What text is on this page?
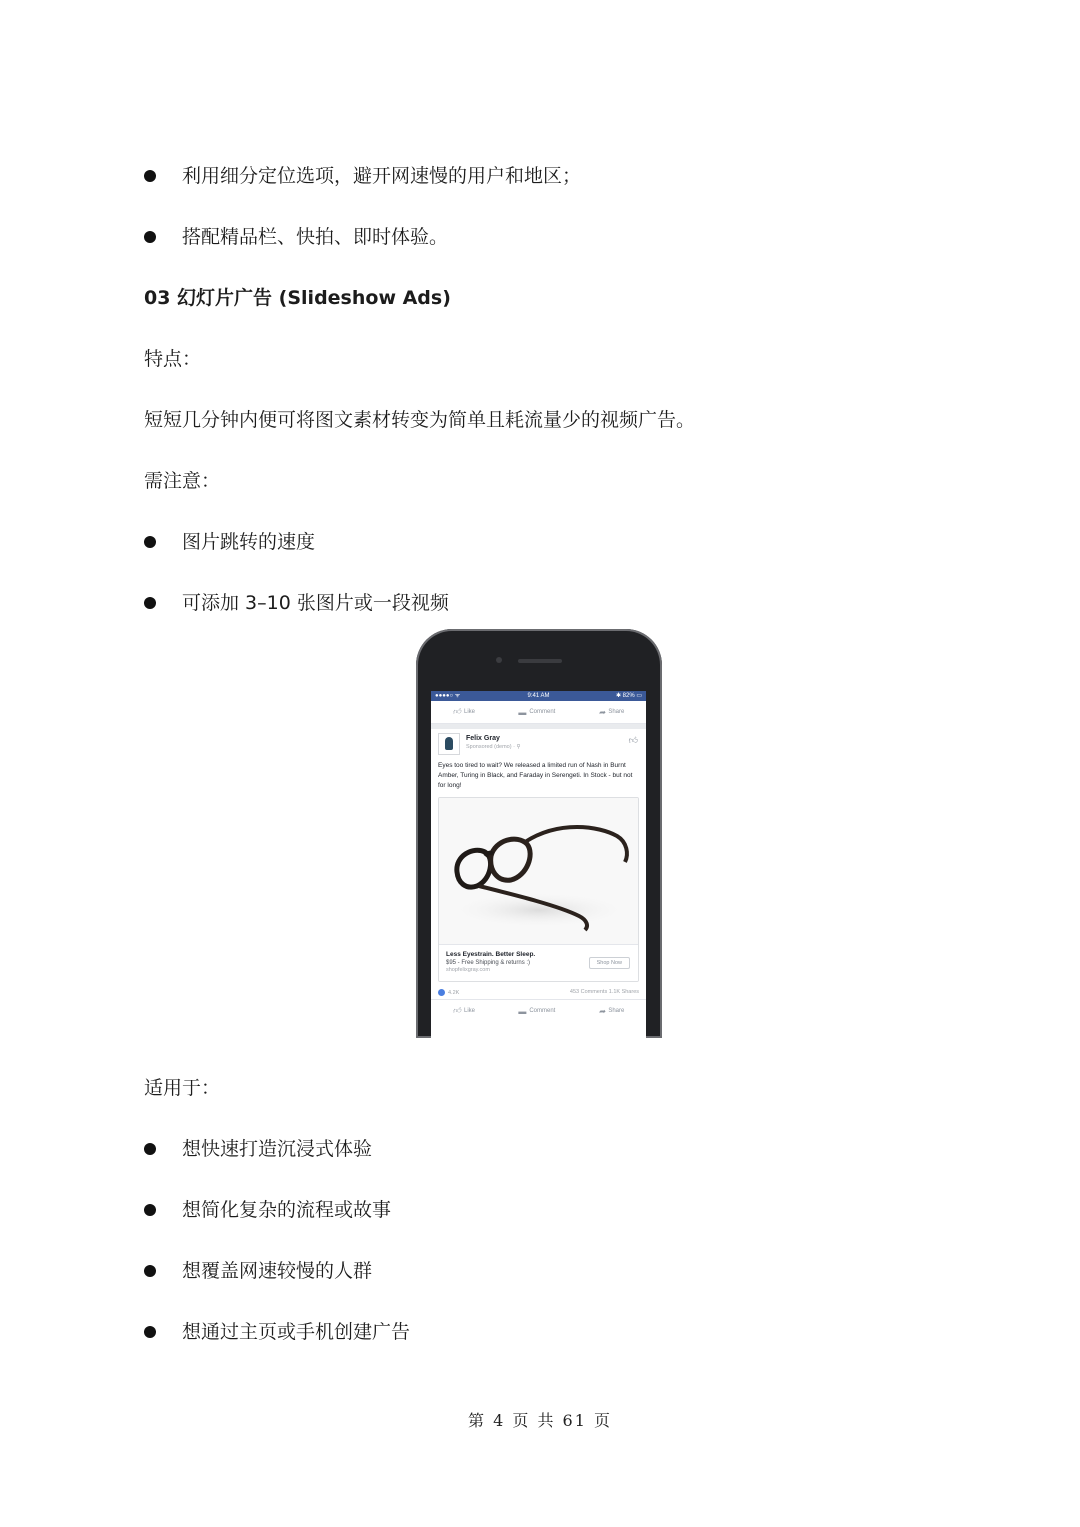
利用细分定位选项，避开网速慢的用户和地区；
搭配精品栏、快拍、即时体验。
03 幻灯片广告 (Slideshow Ads)
特点：
短短几分钟内便可将图文素材转变为简单且耗流量少的视频广告。
需注意：
图片跳转的速度
可添加 3–10 张图片或一段视频
●●●●○ ᯤ	9:41 AM	✱ 82% ▭
👍︎ Like	▬ Comment	➦ Share
Felix Gray
Sponsored (demo) · ⚲
👍︎
Eyes too tired to wait? We released a limited run of Nash in Burnt Amber, Turing in Black, and Faraday in Serengeti. In Stock - but not for long!
Less Eyestrain. Better Sleep.
$95 - Free Shipping & returns :)
shopfelixgray.com
Shop Now
4.2K	453 Comments 1.1K Shares
👍︎ Like	▬ Comment	➦ Share
适用于：
想快速打造沉浸式体验
想简化复杂的流程或故事
想覆盖网速较慢的人群
想通过主页或手机创建广告
第 4 页 共 61 页
